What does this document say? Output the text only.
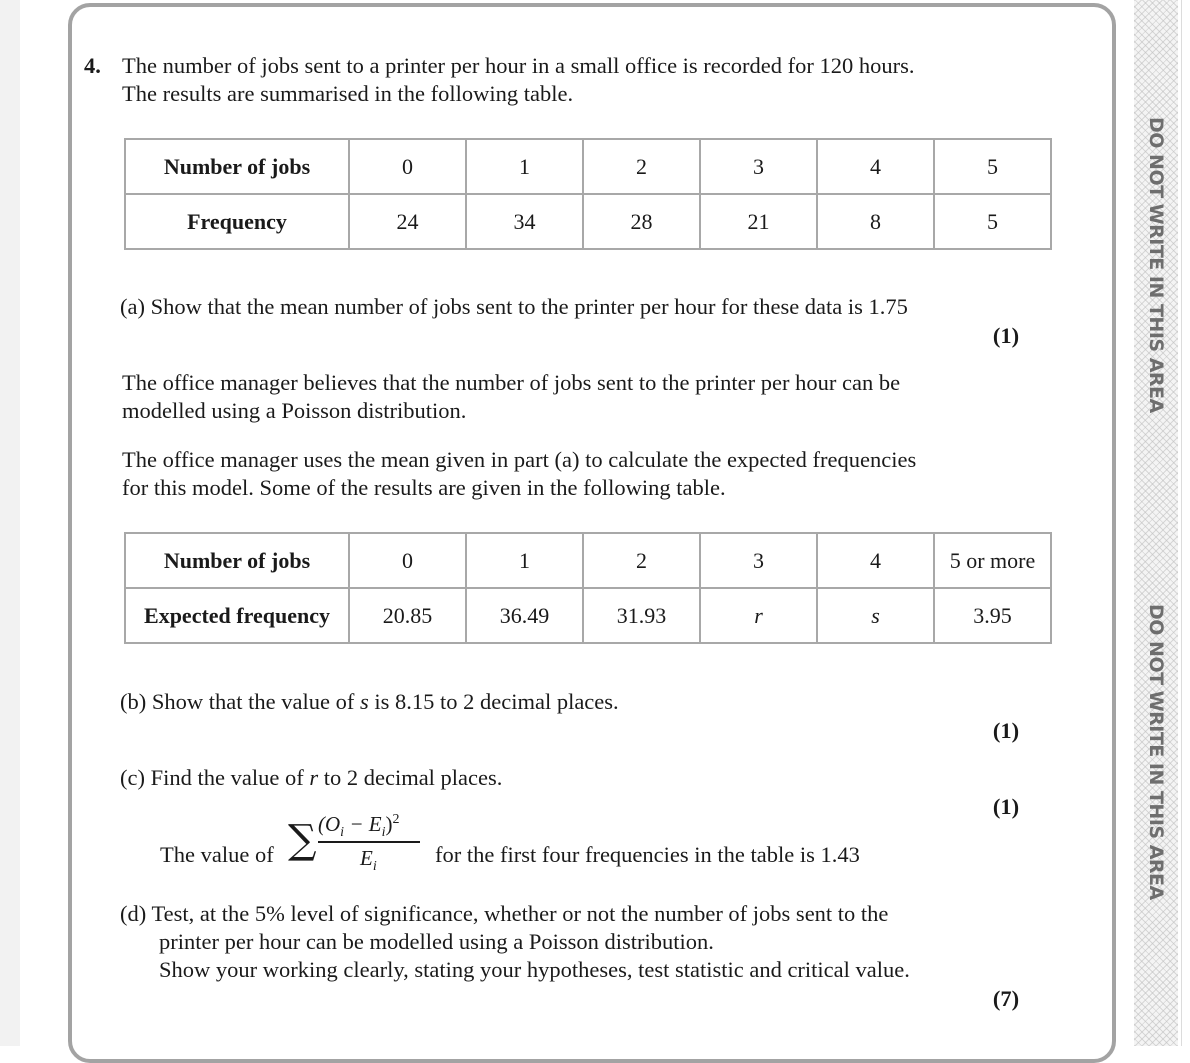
DO NOT WRITE IN THIS AREA
DO NOT WRITE IN THIS AREA
4. The number of jobs sent to a printer per hour in a small office is recorded for 120 hours.
The results are summarised in the following table.
Number of jobs	0	1	2	3	4	5
Frequency	24	34	28	21	8	5
(a) Show that the mean number of jobs sent to the printer per hour for these data is 1.75
(1)
The office manager believes that the number of jobs sent to the printer per hour can be
modelled using a Poisson distribution.
The office manager uses the mean given in part (a) to calculate the expected frequencies
for this model. Some of the results are given in the following table.
Number of jobs	0	1	2	3	4	5 or more
Expected frequency	20.85	36.49	31.93	r	s	3.95
(b) Show that the value of s is 8.15 to 2 decimal places.
(1)
(c) Find the value of r to 2 decimal places.
(1)
The value of ∑ $(O_i - E_i)^2$
$E_i$	for the first four frequencies in the table is 1.43
(d) Test, at the 5% level of significance, whether or not the number of jobs sent to the
printer per hour can be modelled using a Poisson distribution.
Show your working clearly, stating your hypotheses, test statistic and critical value.
(7)
